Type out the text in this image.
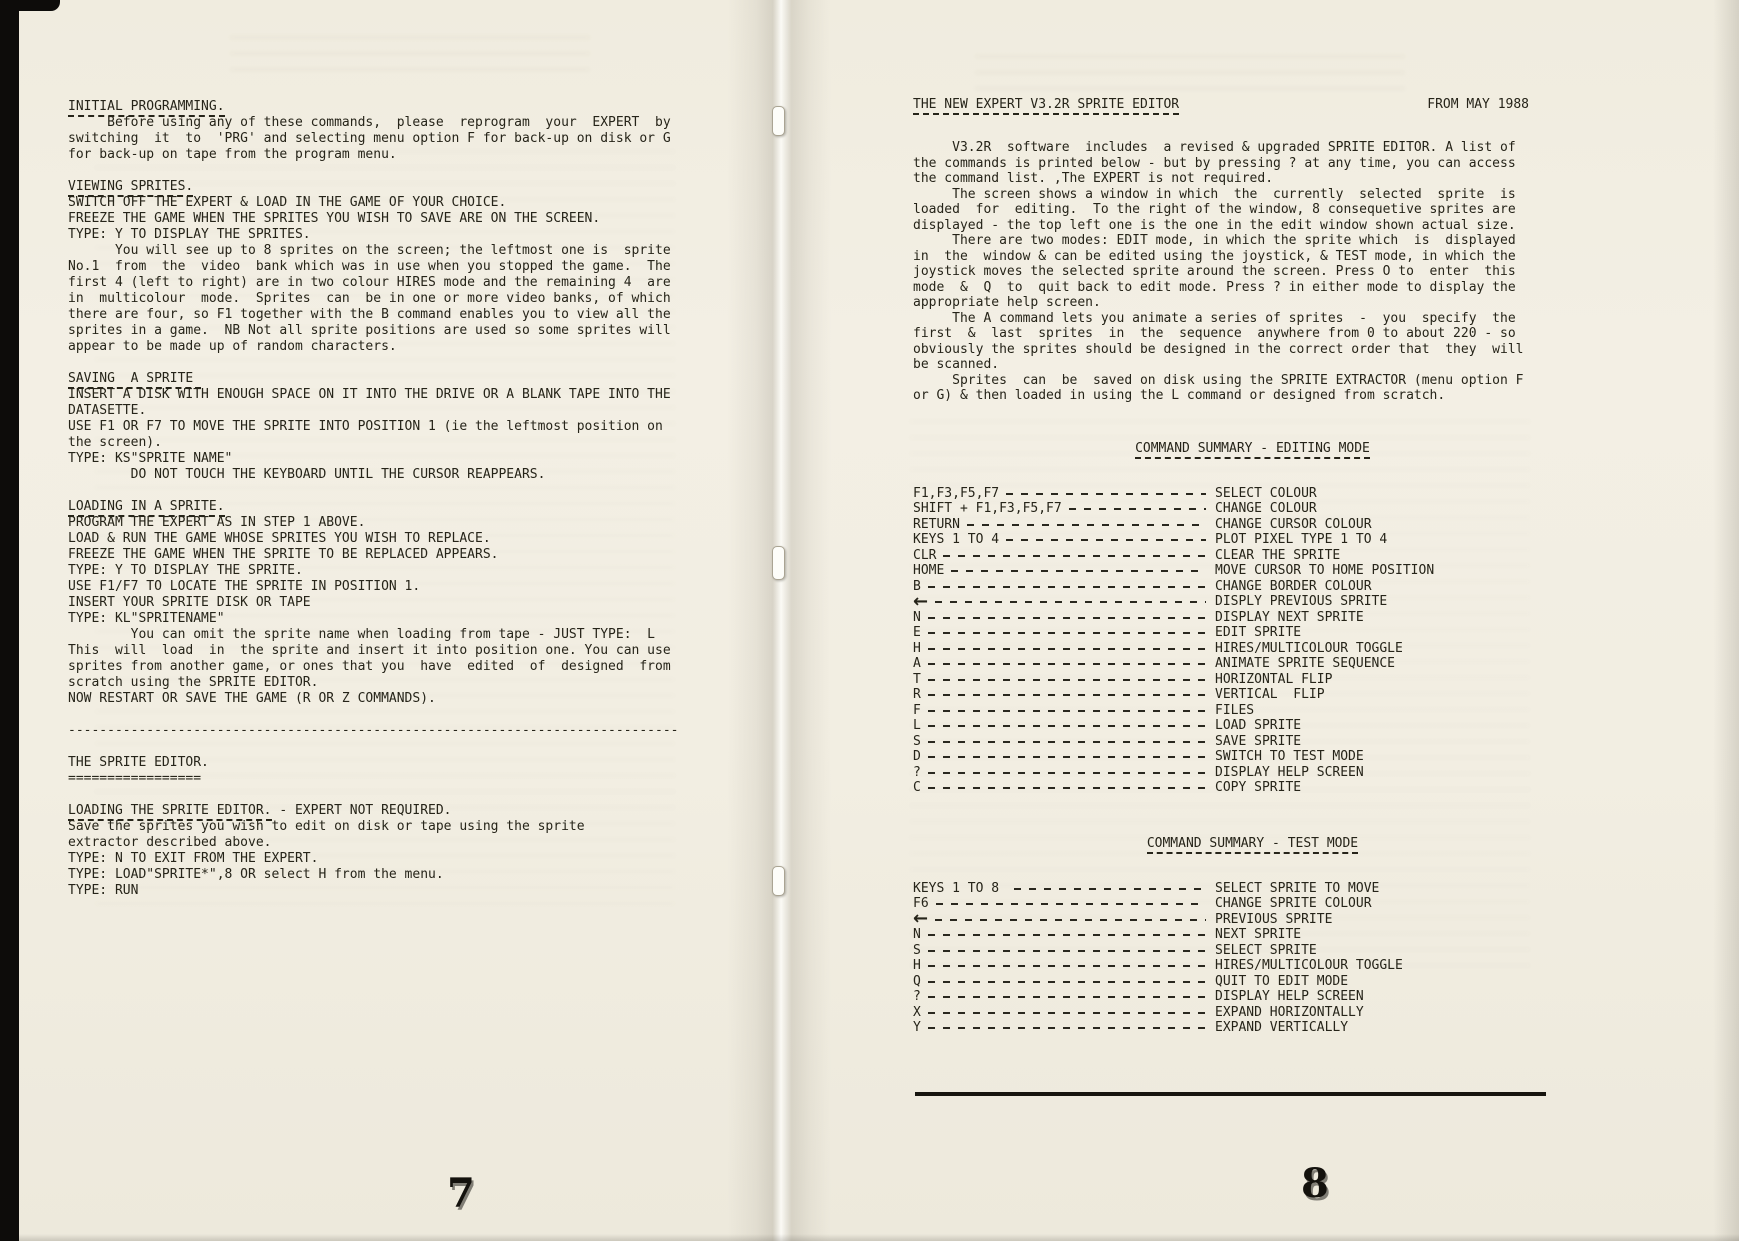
INITIAL PROGRAMMING.
Before using any of these commands,  please  reprogram  your  EXPERT  by
switching  it  to  'PRG' and selecting menu option F for back-up on disk or G
for back-up on tape from the program menu.

VIEWING SPRITES.
SWITCH OFF THE EXPERT & LOAD IN THE GAME OF YOUR CHOICE.
FREEZE THE GAME WHEN THE SPRITES YOU WISH TO SAVE ARE ON THE SCREEN.
TYPE: Y TO DISPLAY THE SPRITES.
You will see up to 8 sprites on the screen; the leftmost one is  sprite
No.1  from  the  video  bank which was in use when you stopped the game.  The
first 4 (left to right) are in two colour HIRES mode and the remaining 4  are
in  multicolour  mode.  Sprites  can  be in one or more video banks, of which
there are four, so F1 together with the B command enables you to view all the
sprites in a game.  NB Not all sprite positions are used so some sprites will
appear to be made up of random characters.

SAVING  A SPRITE
INSERT A DISK WITH ENOUGH SPACE ON IT INTO THE DRIVE OR A BLANK TAPE INTO THE
DATASETTE.
USE F1 OR F7 TO MOVE THE SPRITE INTO POSITION 1 (ie the leftmost position on
the screen).
TYPE: KS"SPRITE NAME"
DO NOT TOUCH THE KEYBOARD UNTIL THE CURSOR REAPPEARS.

LOADING IN A SPRITE.
PROGRAM THE EXPERT AS IN STEP 1 ABOVE.
LOAD & RUN THE GAME WHOSE SPRITES YOU WISH TO REPLACE.
FREEZE THE GAME WHEN THE SPRITE TO BE REPLACED APPEARS.
TYPE: Y TO DISPLAY THE SPRITE.
USE F1/F7 TO LOCATE THE SPRITE IN POSITION 1.
INSERT YOUR SPRITE DISK OR TAPE
TYPE: KL"SPRITENAME"
You can omit the sprite name when loading from tape - JUST TYPE:  L
This  will  load  in  the sprite and insert it into position one. You can use
sprites from another game, or ones that you  have  edited  of  designed  from
scratch using the SPRITE EDITOR.
NOW RESTART OR SAVE THE GAME (R OR Z COMMANDS).

------------------------------------------------------------------------------

THE SPRITE EDITOR.
=================

LOADING THE SPRITE EDITOR. - EXPERT NOT REQUIRED.
Save the sprites you wish to edit on disk or tape using the sprite
extractor described above.
TYPE: N TO EXIT FROM THE EXPERT.
TYPE: LOAD"SPRITE*",8 OR select H from the menu.
TYPE: RUN
7
THE NEW EXPERT V3.2R SPRITE EDITOR	FROM MAY 1988
V3.2R  software  includes  a revised & upgraded SPRITE EDITOR. A list of
the commands is printed below - but by pressing ? at any time, you can access
the command list. ,The EXPERT is not required.
The screen shows a window in which  the  currently  selected  sprite  is
loaded  for  editing.  To the right of the window, 8 consequetive sprites are
displayed - the top left one is the one in the edit window shown actual size.
There are two modes: EDIT mode, in which the sprite which  is  displayed
in  the  window & can be edited using the joystick, & TEST mode, in which the
joystick moves the selected sprite around the screen. Press O to  enter  this
mode  &  Q  to  quit back to edit mode. Press ? in either mode to display the
appropriate help screen.
The A command lets you animate a series of sprites  -  you  specify  the
first  &  last  sprites  in  the  sequence  anywhere from 0 to about 220 - so
obviously the sprites should be designed in the correct order that  they  will
be scanned.
Sprites  can  be  saved on disk using the SPRITE EXTRACTOR (menu option F
or G) & then loaded in using the L command or designed from scratch.

COMMAND SUMMARY - EDITING MODE

F1,F3,F5,F7	SELECT COLOUR
SHIFT + F1,F3,F5,F7	CHANGE COLOUR
RETURN	CHANGE CURSOR COLOUR
KEYS 1 TO 4	PLOT PIXEL TYPE 1 TO 4
CLR	CLEAR THE SPRITE
HOME	MOVE CURSOR TO HOME POSITION
B	CHANGE BORDER COLOUR
←	DISPLY PREVIOUS SPRITE
N	DISPLAY NEXT SPRITE
E	EDIT SPRITE
H	HIRES/MULTICOLOUR TOGGLE
A	ANIMATE SPRITE SEQUENCE
T	HORIZONTAL FLIP
R	VERTICAL  FLIP
F	FILES
L	LOAD SPRITE
S	SAVE SPRITE
D	SWITCH TO TEST MODE
?	DISPLAY HELP SCREEN
C	COPY SPRITE

COMMAND SUMMARY - TEST MODE

KEYS 1 TO 8	SELECT SPRITE TO MOVE
F6	CHANGE SPRITE COLOUR
←	PREVIOUS SPRITE
N	NEXT SPRITE
S	SELECT SPRITE
H	HIRES/MULTICOLOUR TOGGLE
Q	QUIT TO EDIT MODE
?	DISPLAY HELP SCREEN
X	EXPAND HORIZONTALLY
Y	EXPAND VERTICALLY
8
